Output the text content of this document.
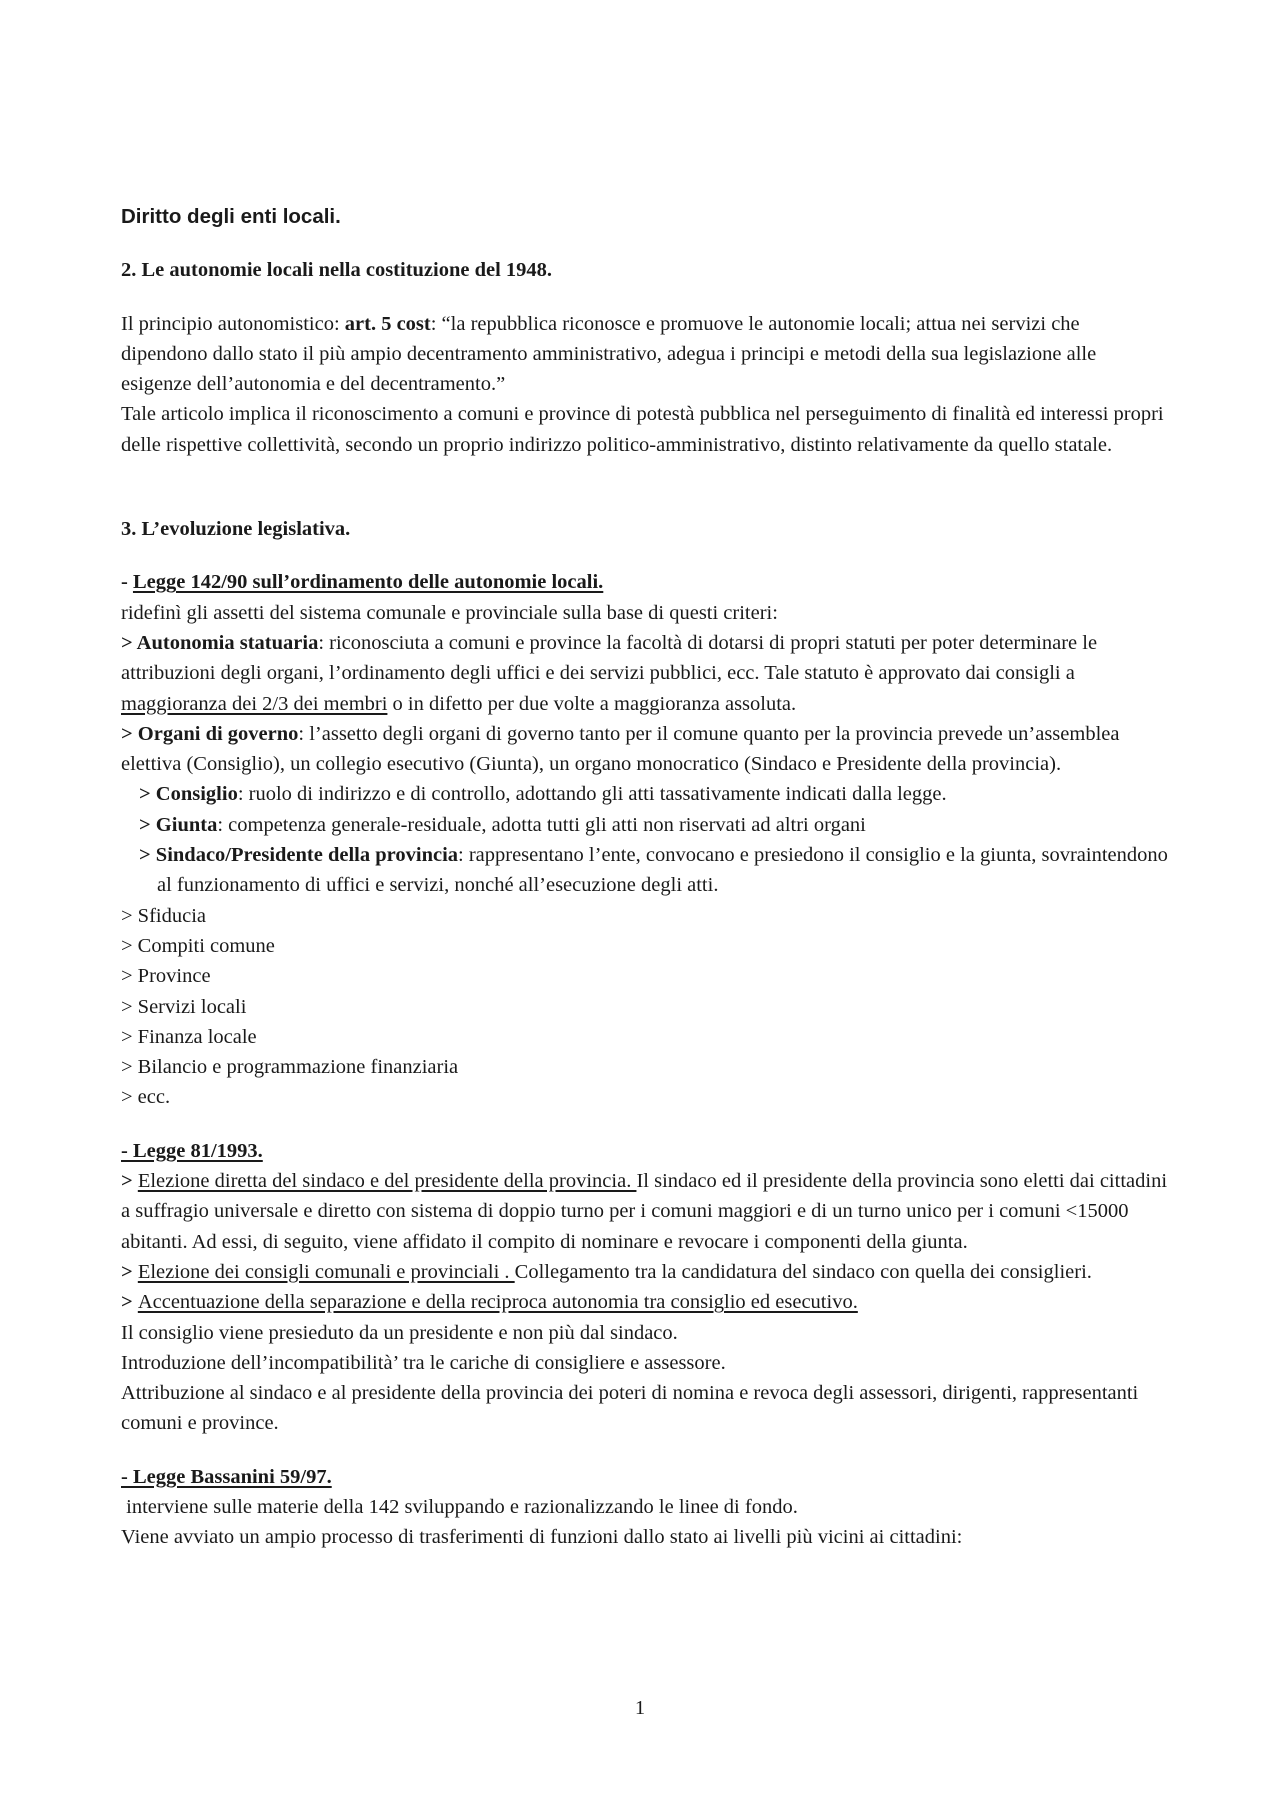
Diritto degli enti locali.

2. Le autonomie locali nella costituzione del 1948.

Il principio autonomistico: art. 5 cost: “la repubblica riconosce e promuove le autonomie locali; attua nei servizi che dipendono dallo stato il più ampio decentramento amministrativo, adegua i principi e metodi della sua legislazione alle esigenze dell’autonomia e del decentramento.”

Tale articolo implica il riconoscimento a comuni e province di potestà pubblica nel perseguimento di finalità ed interessi propri delle rispettive collettività, secondo un proprio indirizzo politico-amministrativo, distinto relativamente da quello statale.

3. L’evoluzione legislativa.

- Legge 142/90 sull’ordinamento delle autonomie locali.

ridefinì gli assetti del sistema comunale e provinciale sulla base di questi criteri:

> Autonomia statuaria: riconosciuta a comuni e province la facoltà di dotarsi di propri statuti per poter determinare le attribuzioni degli organi, l’ordinamento degli uffici e dei servizi pubblici, ecc. Tale statuto è approvato dai consigli a maggioranza dei 2/3 dei membri o in difetto per due volte a maggioranza assoluta.

> Organi di governo: l’assetto degli organi di governo tanto per il comune quanto per la provincia prevede un’assemblea elettiva (Consiglio), un collegio esecutivo (Giunta), un organo monocratico (Sindaco e Presidente della provincia).

> Consiglio: ruolo di indirizzo e di controllo, adottando gli atti tassativamente indicati dalla legge.

> Giunta: competenza generale-residuale, adotta tutti gli atti non riservati ad altri organi

> Sindaco/Presidente della provincia: rappresentano l’ente, convocano e presiedono il consiglio e la giunta, sovraintendono al funzionamento di uffici e servizi, nonché all’esecuzione degli atti.

> Sfiducia

> Compiti comune

> Province

> Servizi locali

> Finanza locale

> Bilancio e programmazione finanziaria

> ecc.

- Legge 81/1993.

> Elezione diretta del sindaco e del presidente della provincia. Il sindaco ed il presidente della provincia sono eletti dai cittadini a suffragio universale e diretto con sistema di doppio turno per i comuni maggiori e di un turno unico per i comuni <15000 abitanti. Ad essi, di seguito, viene affidato il compito di nominare e revocare i componenti della giunta.

> Elezione dei consigli comunali e provinciali . Collegamento tra la candidatura del sindaco con quella dei consiglieri.

> Accentuazione della separazione e della reciproca autonomia tra consiglio ed esecutivo.

Il consiglio viene presieduto da un presidente e non più dal sindaco.

Introduzione dell’incompatibilità’ tra le cariche di consigliere e assessore.

Attribuzione al sindaco e al presidente della provincia dei poteri di nomina e revoca degli assessori, dirigenti, rappresentanti comuni e province.

- Legge Bassanini 59/97.

interviene sulle materie della 142 sviluppando e razionalizzando le linee di fondo.

Viene avviato un ampio processo di trasferimenti di funzioni dallo stato ai livelli più vicini ai cittadini:

1
